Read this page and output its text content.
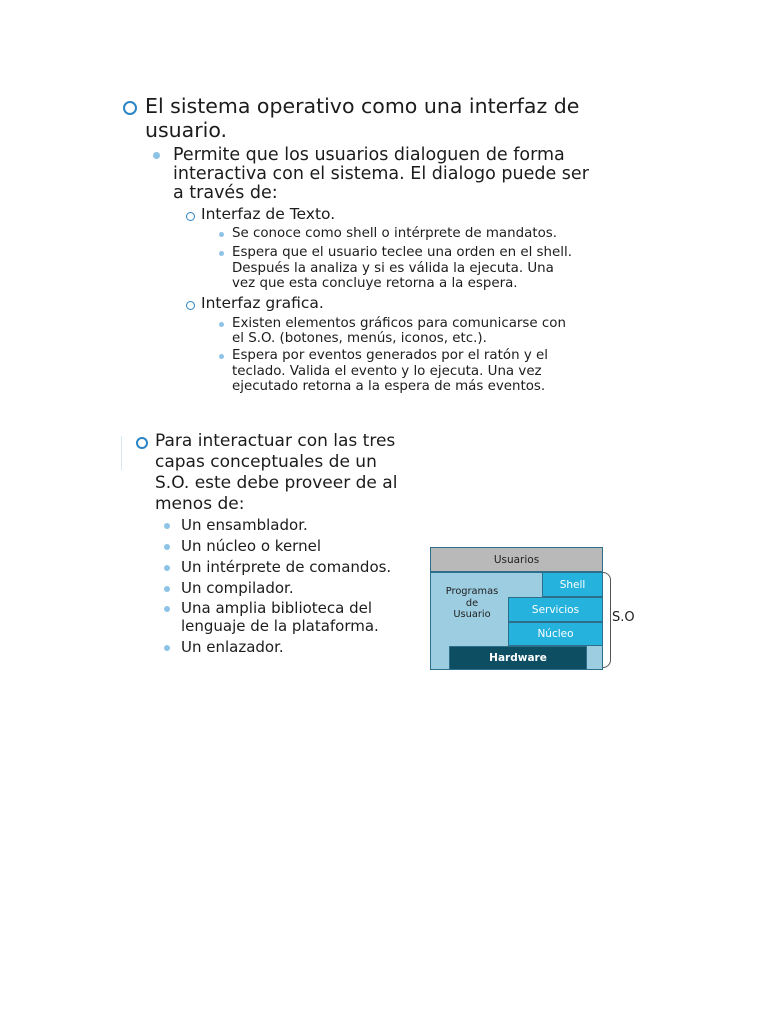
El sistema operativo como una interfaz de
usuario.
Permite que los usuarios dialoguen de forma
interactiva con el sistema. El dialogo puede ser
a través de:
Interfaz de Texto.
Se conoce como shell o intérprete de mandatos.
Espera que el usuario teclee una orden en el shell.
Después la analiza y si es válida la ejecuta. Una
vez que esta concluye retorna a la espera.
Interfaz grafica.
Existen elementos gráficos para comunicarse con
el S.O. (botones, menús, iconos, etc.).
Espera por eventos generados por el ratón y el
teclado. Valida el evento y lo ejecuta. Una vez
ejecutado retorna a la espera de más eventos.
Para interactuar con las tres
capas conceptuales de un
S.O. este debe proveer de al
menos de:
Un ensamblador.
Un núcleo o kernel
Un intérprete de comandos.
Un compilador.
Una amplia biblioteca del
lenguaje de la plataforma.
Un enlazador.
Usuarios
Programas
de
Usuario
Shell
Servicios
Núcleo
Hardware
S.O
